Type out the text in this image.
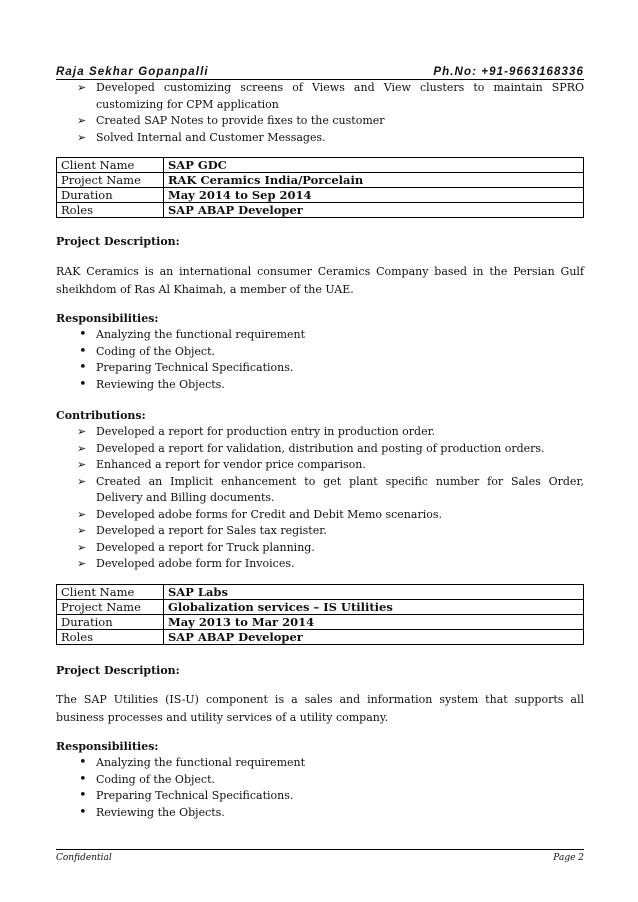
Raja Sekhar Gopanpalli	Ph.No: +91-9663168336
➢ Developed customizing screens of Views and View clusters to maintain SPRO customizing for CPM application
➢ Created SAP Notes to provide fixes to the customer
➢ Solved Internal and Customer Messages.
Client Name	SAP GDC
Project Name	RAK Ceramics India/Porcelain
Duration	May 2014 to Sep 2014
Roles	SAP ABAP Developer
Project Description:
RAK Ceramics is an international consumer Ceramics Company based in the Persian Gulf sheikhdom of Ras Al Khaimah, a member of the UAE.
Responsibilities:
• Analyzing the functional requirement
• Coding of the Object.
• Preparing Technical Specifications.
• Reviewing the Objects.
Contributions:
➢ Developed a report for production entry in production order.
➢ Developed a report for validation, distribution and posting of production orders.
➢ Enhanced a report for vendor price comparison.
➢ Created an Implicit enhancement to get plant specific number for Sales Order, Delivery and Billing documents.
➢ Developed adobe forms for Credit and Debit Memo scenarios.
➢ Developed a report for Sales tax register.
➢ Developed a report for Truck planning.
➢ Developed adobe form for Invoices.
Client Name	SAP Labs
Project Name	Globalization services – IS Utilities
Duration	May 2013 to Mar 2014
Roles	SAP ABAP Developer
Project Description:
The SAP Utilities (IS-U) component is a sales and information system that supports all business processes and utility services of a utility company.
Responsibilities:
• Analyzing the functional requirement
• Coding of the Object.
• Preparing Technical Specifications.
• Reviewing the Objects.
Confidential	Page 2
